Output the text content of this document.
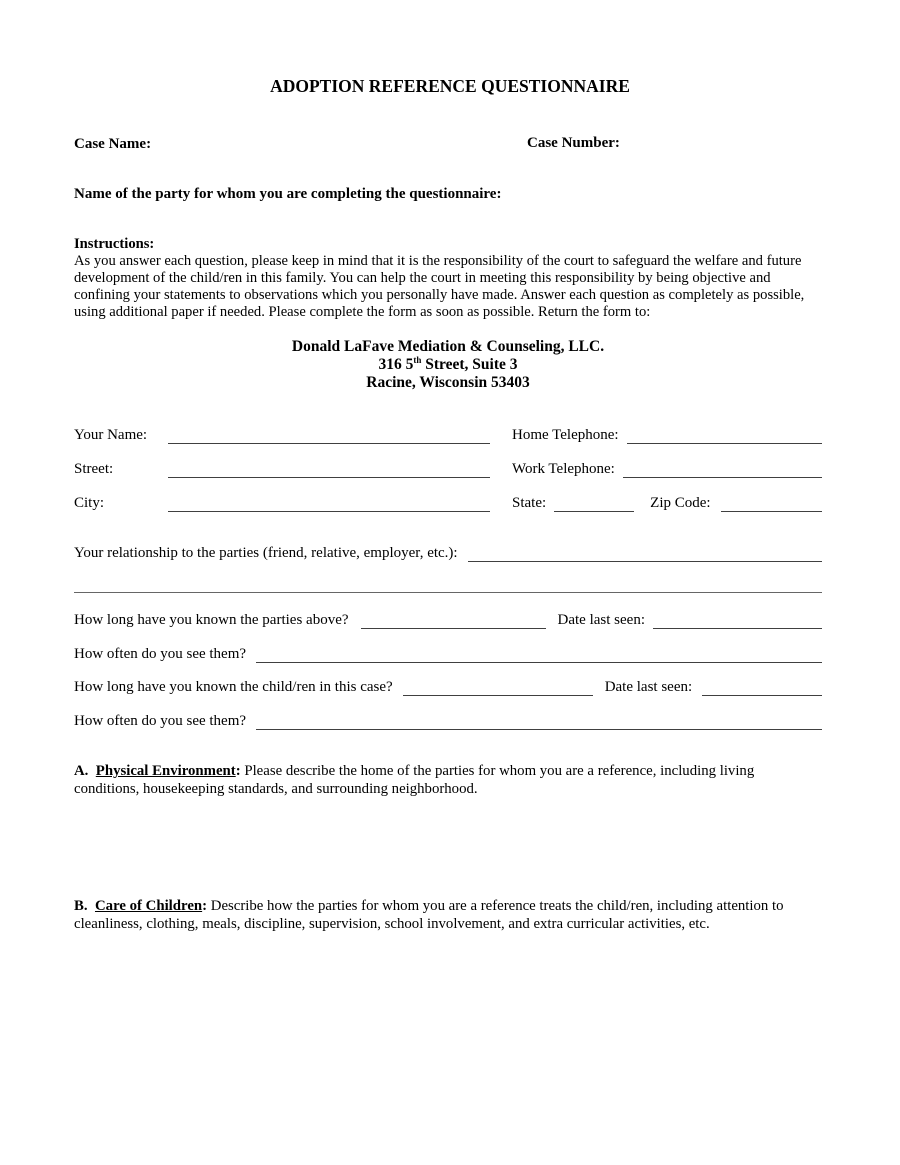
ADOPTION REFERENCE QUESTIONNAIRE
Case Name:	Case Number:
Name of the party for whom you are completing the questionnaire:
Instructions:
As you answer each question, please keep in mind that it is the responsibility of the court to safeguard the welfare and future development of the child/ren in this family. You can help the court in meeting this responsibility by being objective and confining your statements to observations which you personally have made. Answer each question as completely as possible, using additional paper if needed. Please complete the form as soon as possible. Return the form to:
Donald LaFave Mediation & Counseling, LLC.
316 5th Street, Suite 3
Racine, Wisconsin 53403
Your Name:	Home Telephone:
Street:	Work Telephone:
City:	State:	Zip Code:
Your relationship to the parties (friend, relative, employer, etc.):
How long have you known the parties above?	Date last seen:
How often do you see them?
How long have you known the child/ren in this case?	Date last seen:
How often do you see them?
A. Physical Environment: Please describe the home of the parties for whom you are a reference, including living conditions, housekeeping standards, and surrounding neighborhood.
B. Care of Children: Describe how the parties for whom you are a reference treats the child/ren, including attention to cleanliness, clothing, meals, discipline, supervision, school involvement, and extra curricular activities, etc.
